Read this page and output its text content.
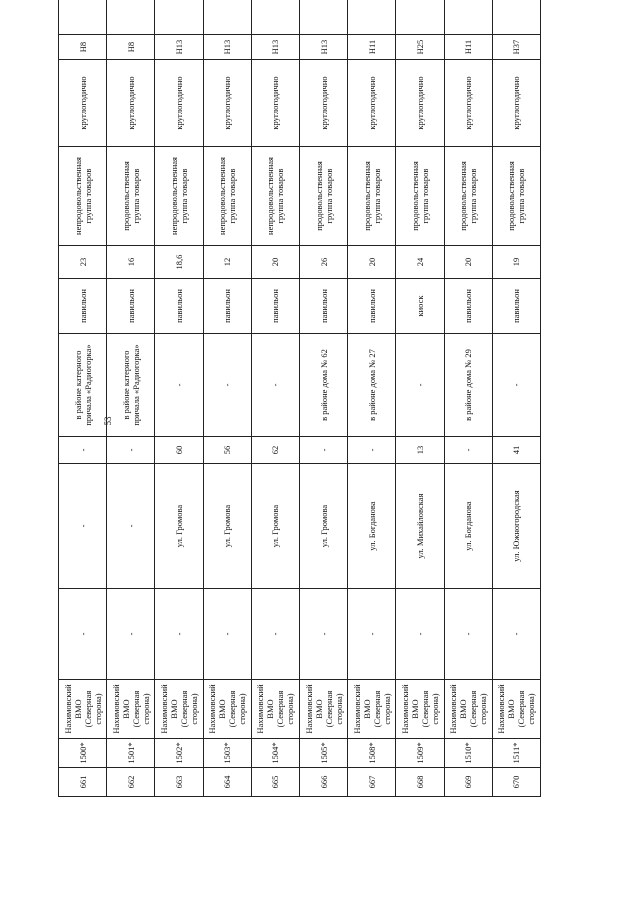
53
661	1500*	Нахимовский ВМО (Северная сторона)	-	-	-	в районе катерного причала «Радиогорка»	павильон	23	непродовольственная группа товаров	круглогодично	Н8	
662	1501*	Нахимовский ВМО (Северная сторона)	-	-	-	в районе катерного причала «Радиогорка»	павильон	16	продовольственная группа товаров	круглогодично	Н8	
663	1502*	Нахимовский ВМО (Северная сторона)	-	ул. Громова	60	-	павильон	18,6	непродовольственная группа товаров	круглогодично	Н13	
664	1503*	Нахимовский ВМО (Северная сторона)	-	ул. Громова	56	-	павильон	12	непродовольственная группа товаров	круглогодично	Н13	
665	1504*	Нахимовский ВМО (Северная сторона)	-	ул. Громова	62	-	павильон	20	непродовольственная группа товаров	круглогодично	Н13	
666	1505*	Нахимовский ВМО (Северная сторона)	-	ул. Громова	-	в районе дома № 62	павильон	26	продовольственная группа товаров	круглогодично	Н13	
667	1508*	Нахимовский ВМО (Северная сторона)	-	ул. Богданова	-	в районе дома № 27	павильон	20	продовольственная группа товаров	круглогодично	Н11	
668	1509*	Нахимовский ВМО (Северная сторона)	-	ул. Михайловская	13	-	киоск	24	продовольственная группа товаров	круглогодично	Н25	
669	1510*	Нахимовский ВМО (Северная сторона)	-	ул. Богданова	-	в районе дома № 29	павильон	20	продовольственная группа товаров	круглогодично	Н11	
670	1511*	Нахимовский ВМО (Северная сторона)	-	ул. Южногородская	41	-	павильон	19	продовольственная группа товаров	круглогодично	Н37	
